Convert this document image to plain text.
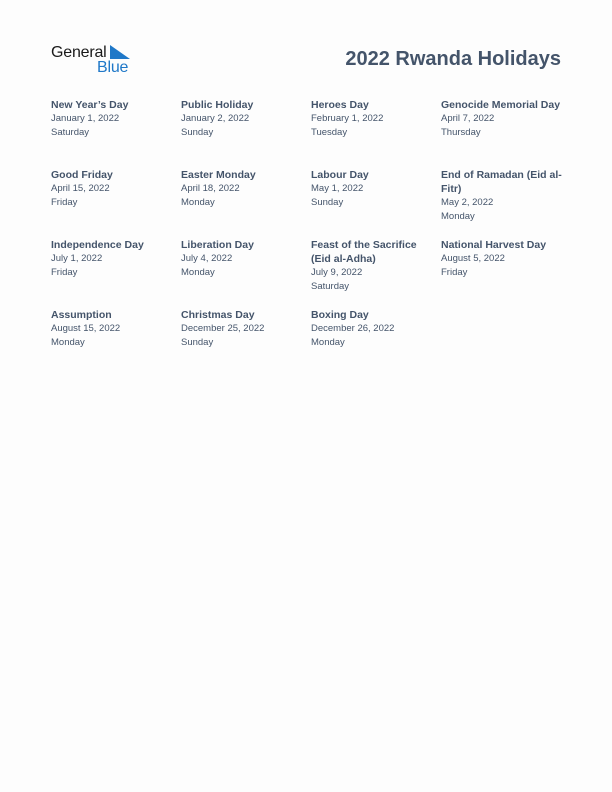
General
Blue	2022 Rwanda Holidays
New Year’s Day
January 1, 2022
Saturday
Public Holiday
January 2, 2022
Sunday
Heroes Day
February 1, 2022
Tuesday
Genocide Memorial Day
April 7, 2022
Thursday
Good Friday
April 15, 2022
Friday
Easter Monday
April 18, 2022
Monday
Labour Day
May 1, 2022
Sunday
End of Ramadan (Eid al-Fitr)
May 2, 2022
Monday
Independence Day
July 1, 2022
Friday
Liberation Day
July 4, 2022
Monday
Feast of the Sacrifice (Eid al-Adha)
July 9, 2022
Saturday
National Harvest Day
August 5, 2022
Friday
Assumption
August 15, 2022
Monday
Christmas Day
December 25, 2022
Sunday
Boxing Day
December 26, 2022
Monday
